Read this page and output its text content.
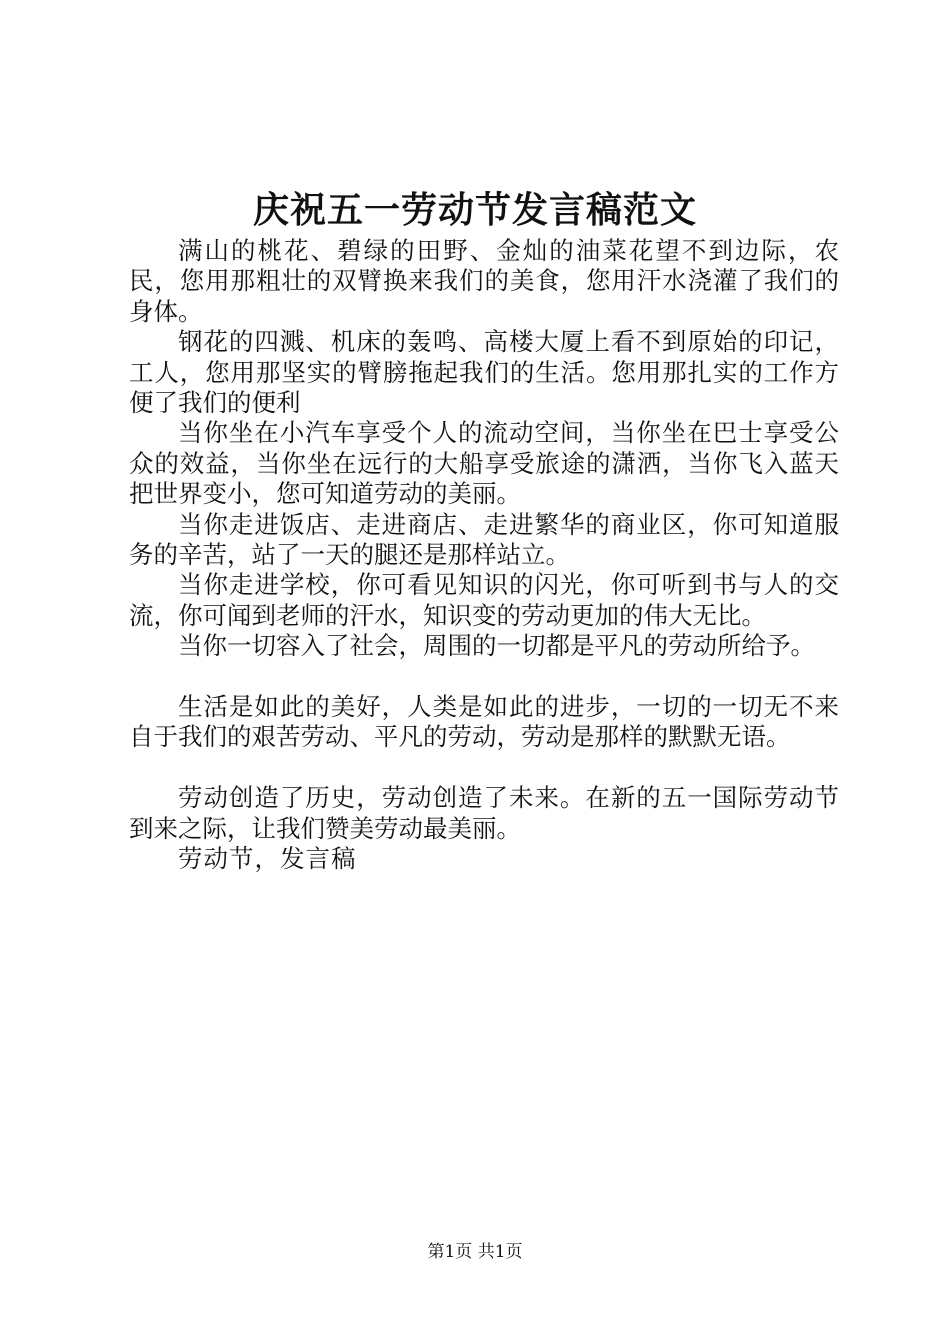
庆祝五一劳动节发言稿范文

满山的桃花、碧绿的田野、金灿的油菜花望不到边际，农民，您用那粗壮的双臂换来我们的美食，您用汗水浇灌了我们的身体。

钢花的四溅、机床的轰鸣、高楼大厦上看不到原始的印记，工人，您用那坚实的臂膀拖起我们的生活。您用那扎实的工作方便了我们的便利

当你坐在小汽车享受个人的流动空间，当你坐在巴士享受公众的效益，当你坐在远行的大船享受旅途的潇洒，当你飞入蓝天把世界变小，您可知道劳动的美丽。

当你走进饭店、走进商店、走进繁华的商业区，你可知道服务的辛苦，站了一天的腿还是那样站立。

当你走进学校，你可看见知识的闪光，你可听到书与人的交流，你可闻到老师的汗水，知识变的劳动更加的伟大无比。

当你一切容入了社会，周围的一切都是平凡的劳动所给予。

生活是如此的美好，人类是如此的进步，一切的一切无不来自于我们的艰苦劳动、平凡的劳动，劳动是那样的默默无语。

劳动创造了历史，劳动创造了未来。在新的五一国际劳动节到来之际，让我们赞美劳动最美丽。

劳动节，发言稿

第1页 共1页
